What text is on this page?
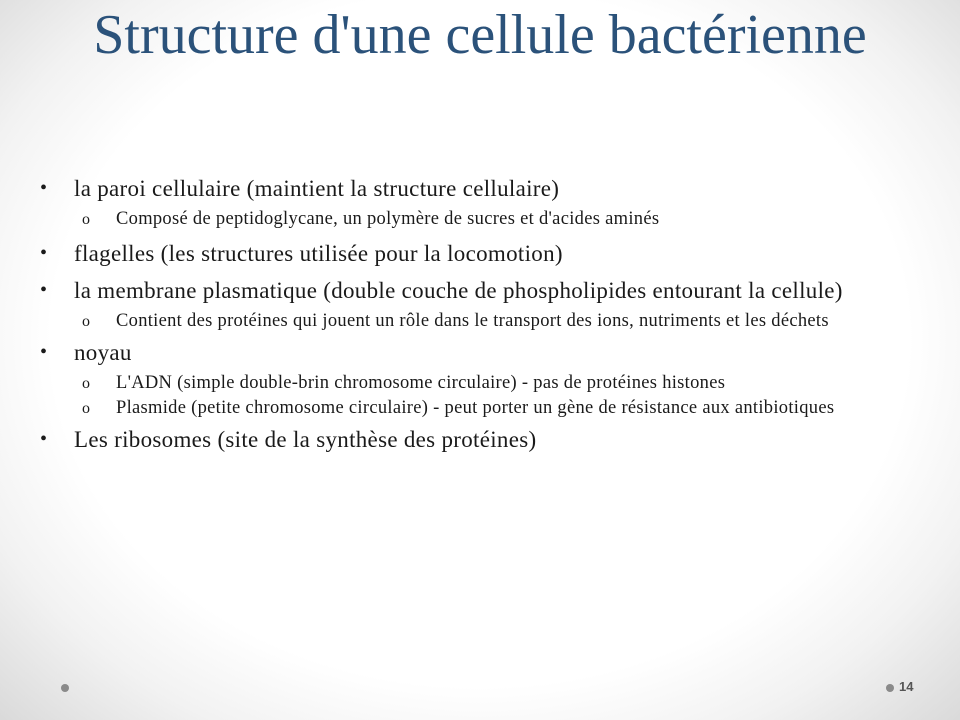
Structure d'une cellule bactérienne
• la paroi cellulaire (maintient la structure cellulaire)
o Composé de peptidoglycane, un polymère de sucres et d'acides aminés
• flagelles (les structures utilisée pour la locomotion)
• la membrane plasmatique (double couche de phospholipides entourant la cellule)
o Contient des protéines qui jouent un rôle dans le transport des ions, nutriments et les déchets
• noyau
o L'ADN (simple double-brin chromosome circulaire) - pas de protéines histones
o Plasmide (petite chromosome circulaire) - peut porter un gène de résistance aux antibiotiques
• Les ribosomes (site de la synthèse des protéines)
14
